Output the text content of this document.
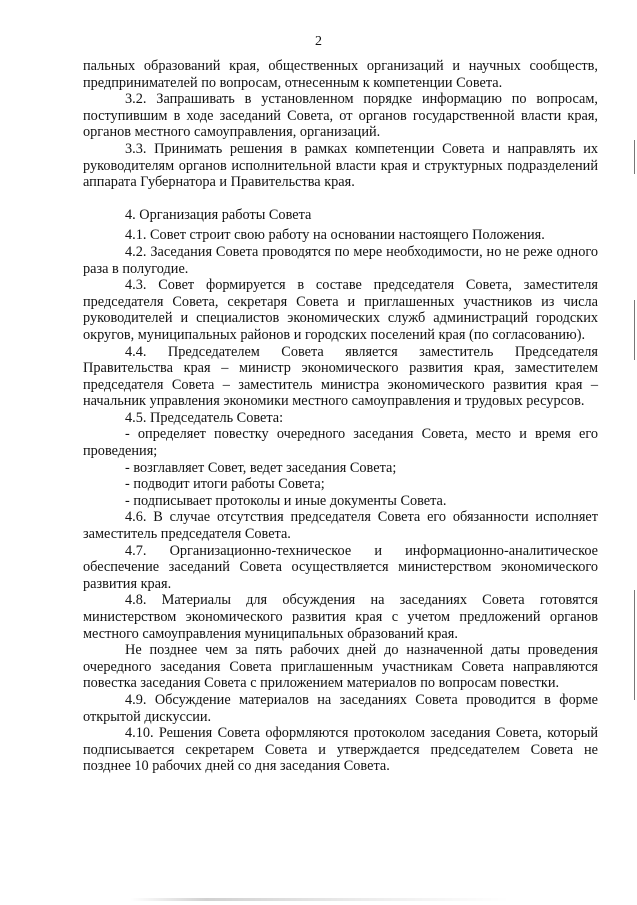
2

пальных образований края, общественных организаций и научных сообществ, предпринимателей по вопросам, отнесенным к компетенции Совета.

3.2. Запрашивать в установленном порядке информацию по вопросам, поступившим в ходе заседаний Совета, от органов государственной власти края, органов местного самоуправления, организаций.

3.3. Принимать решения в рамках компетенции Совета и направлять их руководителям органов исполнительной власти края и структурных подразделений аппарата Губернатора и Правительства края.

4. Организация работы Совета

4.1. Совет строит свою работу на основании настоящего Положения.

4.2. Заседания Совета проводятся по мере необходимости, но не реже одного раза в полугодие.

4.3. Совет формируется в составе председателя Совета, заместителя председателя Совета, секретаря Совета и приглашенных участников из числа руководителей и специалистов экономических служб администраций городских округов, муниципальных районов и городских поселений края (по согласованию).

4.4. Председателем Совета является заместитель Председателя Правительства края – министр экономического развития края, заместителем председателя Совета – заместитель министра экономического развития края – начальник управления экономики местного самоуправления и трудовых ресурсов.

4.5. Председатель Совета:

- определяет повестку очередного заседания Совета, место и время его проведения;

- возглавляет Совет, ведет заседания Совета;

- подводит итоги работы Совета;

- подписывает протоколы и иные документы Совета.

4.6. В случае отсутствия председателя Совета его обязанности исполняет заместитель председателя Совета.

4.7. Организационно-техническое и информационно-аналитическое обеспечение заседаний Совета осуществляется министерством экономического развития края.

4.8. Материалы для обсуждения на заседаниях Совета готовятся министерством экономического развития края с учетом предложений органов местного самоуправления муниципальных образований края.

Не позднее чем за пять рабочих дней до назначенной даты проведения очередного заседания Совета приглашенным участникам Совета направляются повестка заседания Совета с приложением материалов по вопросам повестки.

4.9. Обсуждение материалов на заседаниях Совета проводится в форме открытой дискуссии.

4.10. Решения Совета оформляются протоколом заседания Совета, который подписывается секретарем Совета и утверждается председателем Совета не позднее 10 рабочих дней со дня заседания Совета.
